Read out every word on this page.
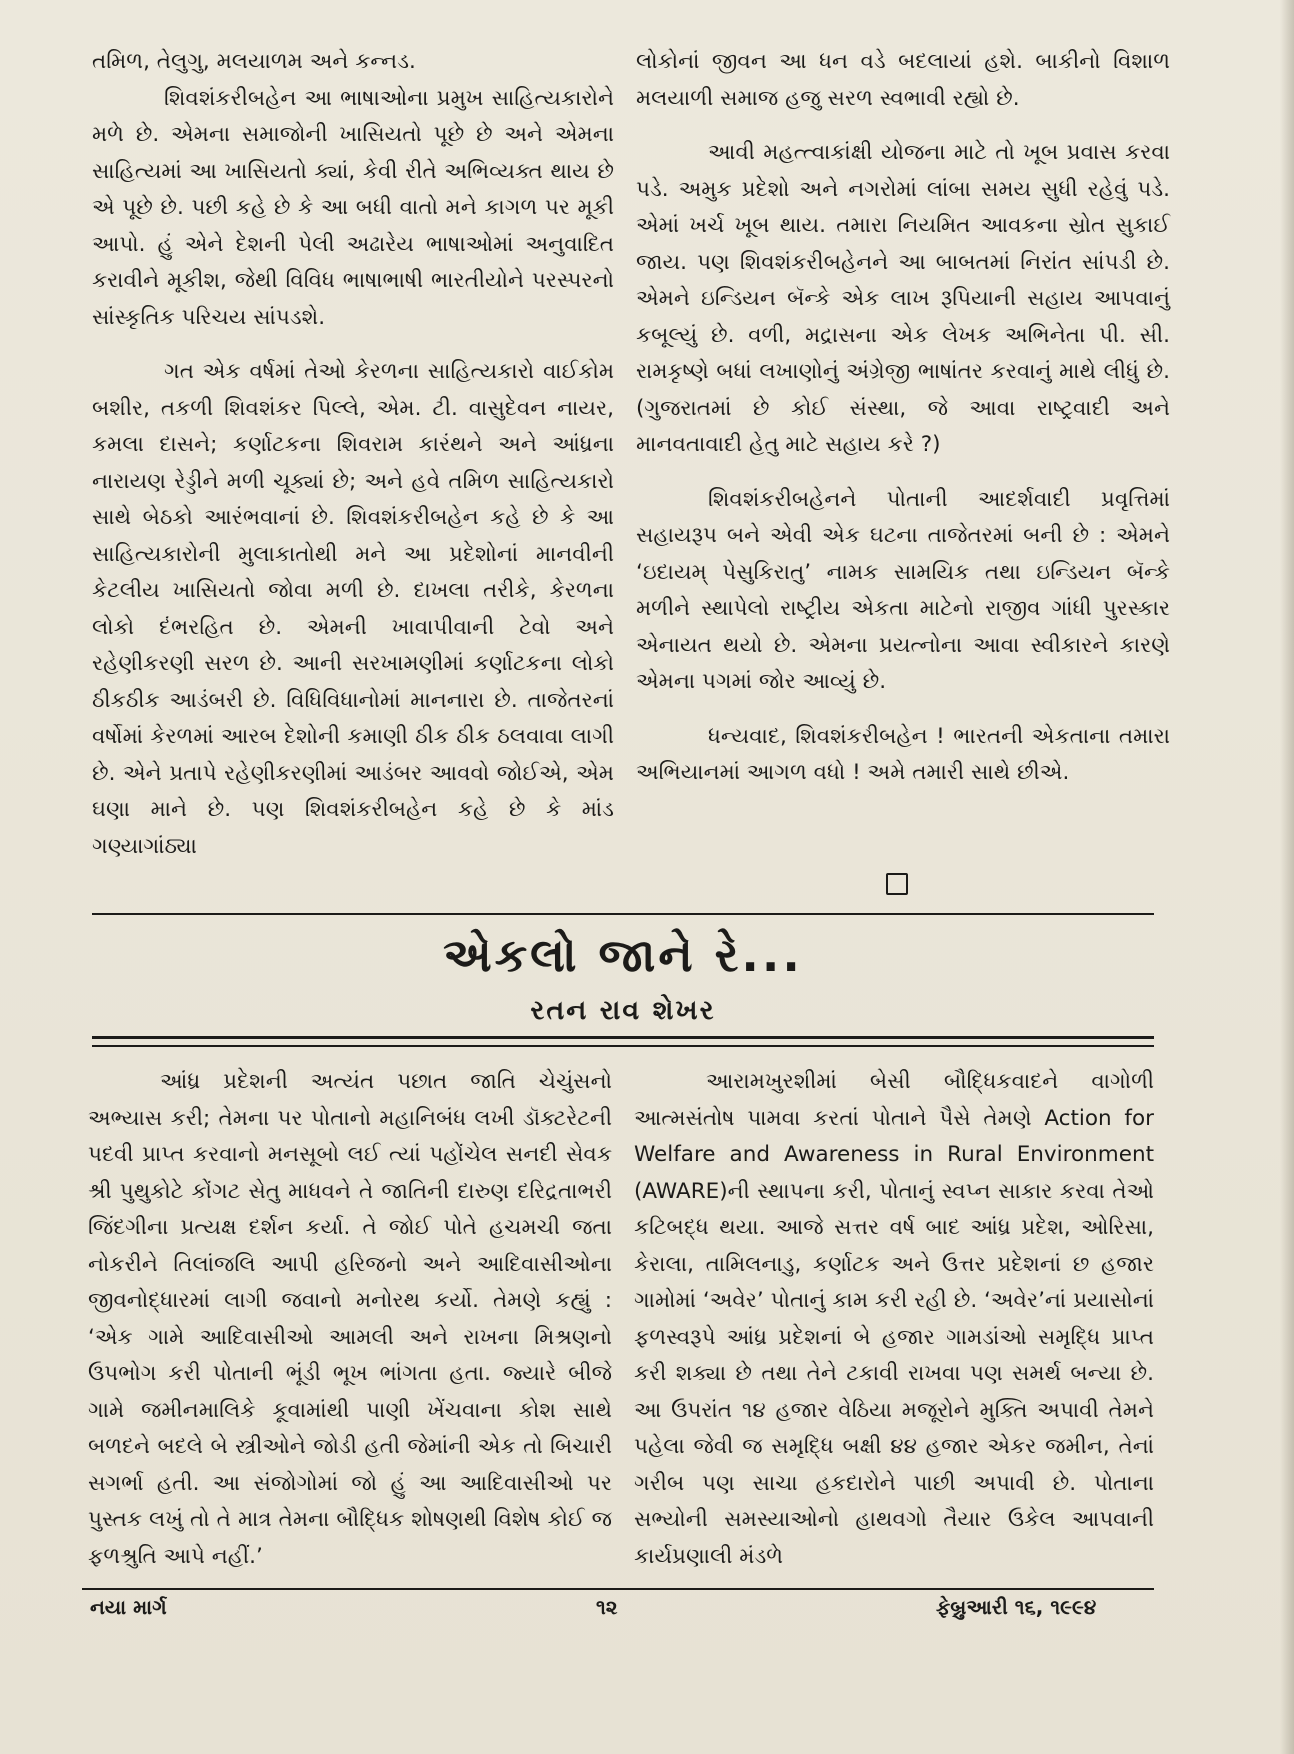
તમિળ, તેલુગુ, મલયાળમ અને કન્નડ.

શિવશંકરીબહેન આ ભાષાઓના પ્રમુખ સાહિત્યકારોને મળે છે. એમના સમાજોની ખાસિયતો પૂછે છે અને એમના સાહિત્યમાં આ ખાસિયતો ક્યાં, કેવી રીતે અભિવ્યક્ત થાય છે એ પૂછે છે. પછી કહે છે કે આ બધી વાતો મને કાગળ પર મૂકી આપો. હું એને દેશની પેલી અઢારેય ભાષાઓમાં અનુવાદિત કરાવીને મૂકીશ, જેથી વિવિધ ભાષાભાષી ભારતીયોને પરસ્પરનો સાંસ્કૃતિક પરિચય સાંપડશે.

ગત એક વર્ષમાં તેઓ કેરળના સાહિત્યકારો વાઈકોમ બશીર, તકળી શિવશંકર પિલ્લે, એમ. ટી. વાસુદેવન નાયર, કમલા દાસને; કર્ણાટકના શિવરામ કારંથને અને આંધ્રના નારાયણ રેડ્ડીને મળી ચૂક્યાં છે; અને હવે તમિળ સાહિત્યકારો સાથે બેઠકો આરંભવાનાં છે. શિવશંકરીબહેન કહે છે કે આ સાહિત્યકારોની મુલાકાતોથી મને આ પ્રદેશોનાં માનવીની કેટલીય ખાસિયતો જોવા મળી છે. દાખલા તરીકે, કેરળના લોકો દંભરહિત છે. એમની ખાવાપીવાની ટેવો અને રહેણીકરણી સરળ છે. આની સરખામણીમાં કર્ણાટકના લોકો ઠીકઠીક આડંબરી છે. વિધિવિધાનોમાં માનનારા છે. તાજેતરનાં વર્ષોમાં કેરળમાં આરબ દેશોની કમાણી ઠીક ઠીક ઠલવાવા લાગી છે. એને પ્રતાપે રહેણીકરણીમાં આડંબર આવવો જોઈએ, એમ ઘણા માને છે. પણ શિવશંકરીબહેન કહે છે કે માંડ ગણ્યાગાંઠ્યા

લોકોનાં જીવન આ ધન વડે બદલાયાં હશે. બાકીનો વિશાળ મલયાળી સમાજ હજુ સરળ સ્વભાવી રહ્યો છે.

આવી મહત્ત્વાકાંક્ષી યોજના માટે તો ખૂબ પ્રવાસ કરવા પડે. અમુક પ્રદેશો અને નગરોમાં લાંબા સમય સુધી રહેવું પડે. એમાં ખર્ચ ખૂબ થાય. તમારા નિયમિત આવકના સ્રોત સુકાઈ જાય. પણ શિવશંકરીબહેનને આ બાબતમાં નિરાંત સાંપડી છે. એમને ઇન્ડિયન બૅન્કે એક લાખ રૂપિયાની સહાય આપવાનું કબૂલ્યું છે. વળી, મદ્રાસના એક લેખક અભિનેતા પી. સી. રામકૃષ્ણે બધાં લખાણોનું અંગ્રેજી ભાષાંતર કરવાનું માથે લીધું છે. (ગુજરાતમાં છે કોઈ સંસ્થા, જે આવા રાષ્ટ્રવાદી અને માનવતાવાદી હેતુ માટે સહાય કરે ?)

શિવશંકરીબહેનને પોતાની આદર્શવાદી પ્રવૃત્તિમાં સહાયરૂપ બને એવી એક ઘટના તાજેતરમાં બની છે : એમને ‘ઇદાયમ્ પેસુકિરાતુ’ નામક સામયિક તથા ઇન્ડિયન બૅન્કે મળીને સ્થાપેલો રાષ્ટ્રીય એકતા માટેનો રાજીવ ગાંધી પુરસ્કાર એનાયત થયો છે. એમના પ્રયત્નોના આવા સ્વીકારને કારણે એમના પગમાં જોર આવ્યું છે.

ધન્યવાદ, શિવશંકરીબહેન ! ભારતની એકતાના તમારા અભિયાનમાં આગળ વધો ! અમે તમારી સાથે છીએ.

એકલો જાને રે...
રતન રાવ શેખર

આંધ્ર પ્રદેશની અત્યંત પછાત જાતિ ચેચુંસનો અભ્યાસ કરી; તેમના પર પોતાનો મહાનિબંધ લખી ડૉક્ટરેટની પદવી પ્રાપ્ત કરવાનો મનસૂબો લઈ ત્યાં પહોંચેલ સનદી સેવક શ્રી પુથુકોટે કોંગટ સેતુ માધવને તે જાતિની દારુણ દરિદ્રતાભરી જિંદગીના પ્રત્યક્ષ દર્શન કર્યા. તે જોઈ પોતે હચમચી જતા નોકરીને તિલાંજલિ આપી હરિજનો અને આદિવાસીઓના જીવનોદ્ધારમાં લાગી જવાનો મનોરથ કર્યો. તેમણે કહ્યું : ‘એક ગામે આદિવાસીઓ આમલી અને રાખના મિશ્રણનો ઉપભોગ કરી પોતાની ભૂંડી ભૂખ ભાંગતા હતા. જ્યારે બીજે ગામે જમીનમાલિકે કૂવામાંથી પાણી ખેંચવાના કોશ સાથે બળદને બદલે બે સ્ત્રીઓને જોડી હતી જેમાંની એક તો બિચારી સગર્ભા હતી. આ સંજોગોમાં જો હું આ આદિવાસીઓ પર પુસ્તક લખું તો તે માત્ર તેમના બૌદ્ધિક શોષણથી વિશેષ કોઈ જ ફળશ્રુતિ આપે નહીં.’

આરામખુરશીમાં બેસી બૌદ્ધિકવાદને વાગોળી આત્મસંતોષ પામવા કરતાં પોતાને પૈસે તેમણે Action for Welfare and Awareness in Rural Environment (AWARE)ની સ્થાપના કરી, પોતાનું સ્વપ્ન સાકાર કરવા તેઓ કટિબદ્ધ થયા. આજે સત્તર વર્ષ બાદ આંધ્ર પ્રદેશ, ઓરિસા, કેરાલા, તામિલનાડુ, કર્ણાટક અને ઉત્તર પ્રદેશનાં છ હજાર ગામોમાં ‘અવેર’ પોતાનું કામ કરી રહી છે. ‘અવેર’નાં પ્રયાસોનાં ફળસ્વરૂપે આંધ્ર પ્રદેશનાં બે હજાર ગામડાંઓ સમૃદ્ધિ પ્રાપ્ત કરી શક્યા છે તથા તેને ટકાવી રાખવા પણ સમર્થ બન્યા છે. આ ઉપરાંત ૧૪ હજાર વેઠિયા મજૂરોને મુક્તિ અપાવી તેમને પહેલા જેવી જ સમૃદ્ધિ બક્ષી ૪૪ હજાર એકર જમીન, તેનાં ગરીબ પણ સાચા હકદારોને પાછી અપાવી છે. પોતાના સભ્યોની સમસ્યાઓનો હાથવગો તૈયાર ઉકેલ આપવાની કાર્યપ્રણાલી મંડળે

નયા માર્ગ	૧૨	ફેબ્રુઆરી ૧૬, ૧૯૯૪
